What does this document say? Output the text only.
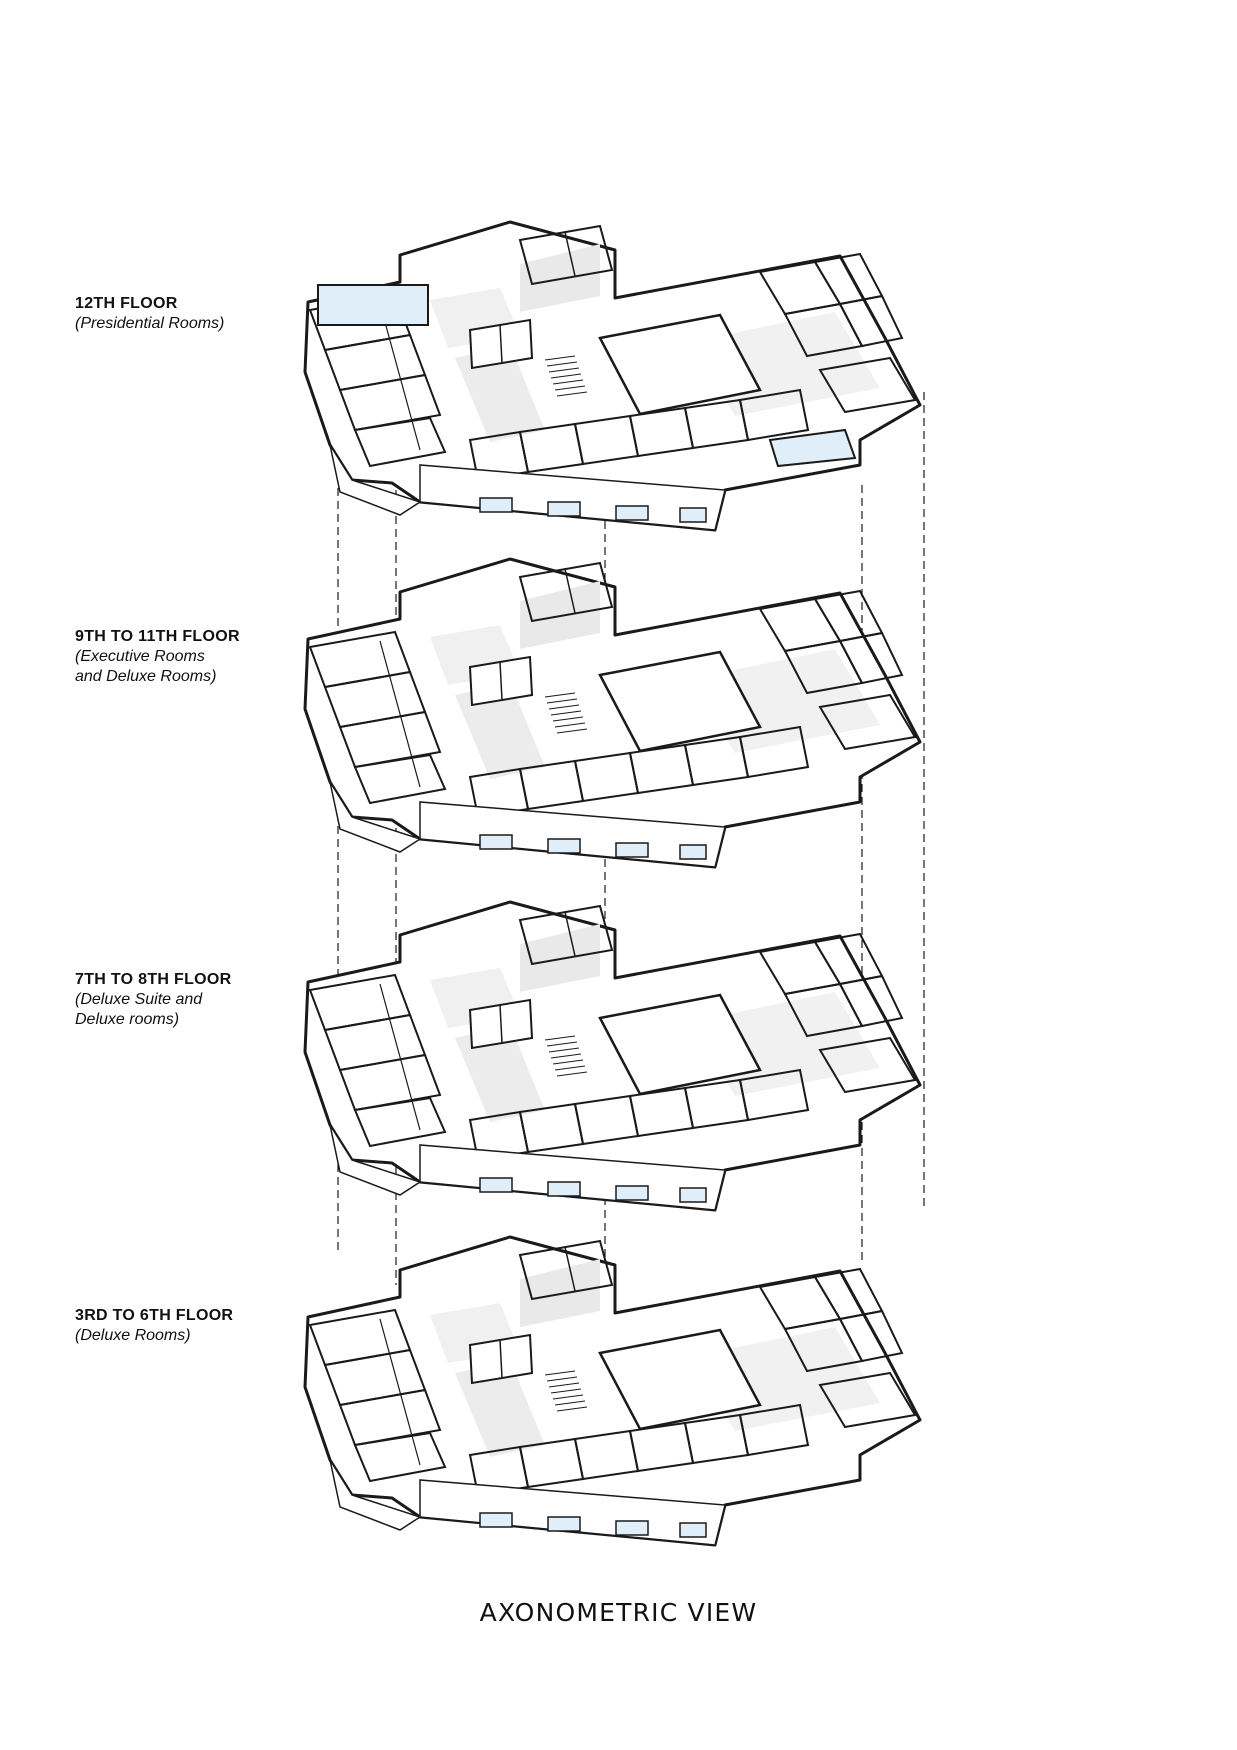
12TH FLOOR
(Presidential Rooms)
9TH TO 11TH FLOOR
(Executive Rooms
and Deluxe Rooms)
7TH TO 8TH FLOOR
(Deluxe Suite and
Deluxe rooms)
3RD TO 6TH FLOOR
(Deluxe Rooms)
AXONOMETRIC VIEW
